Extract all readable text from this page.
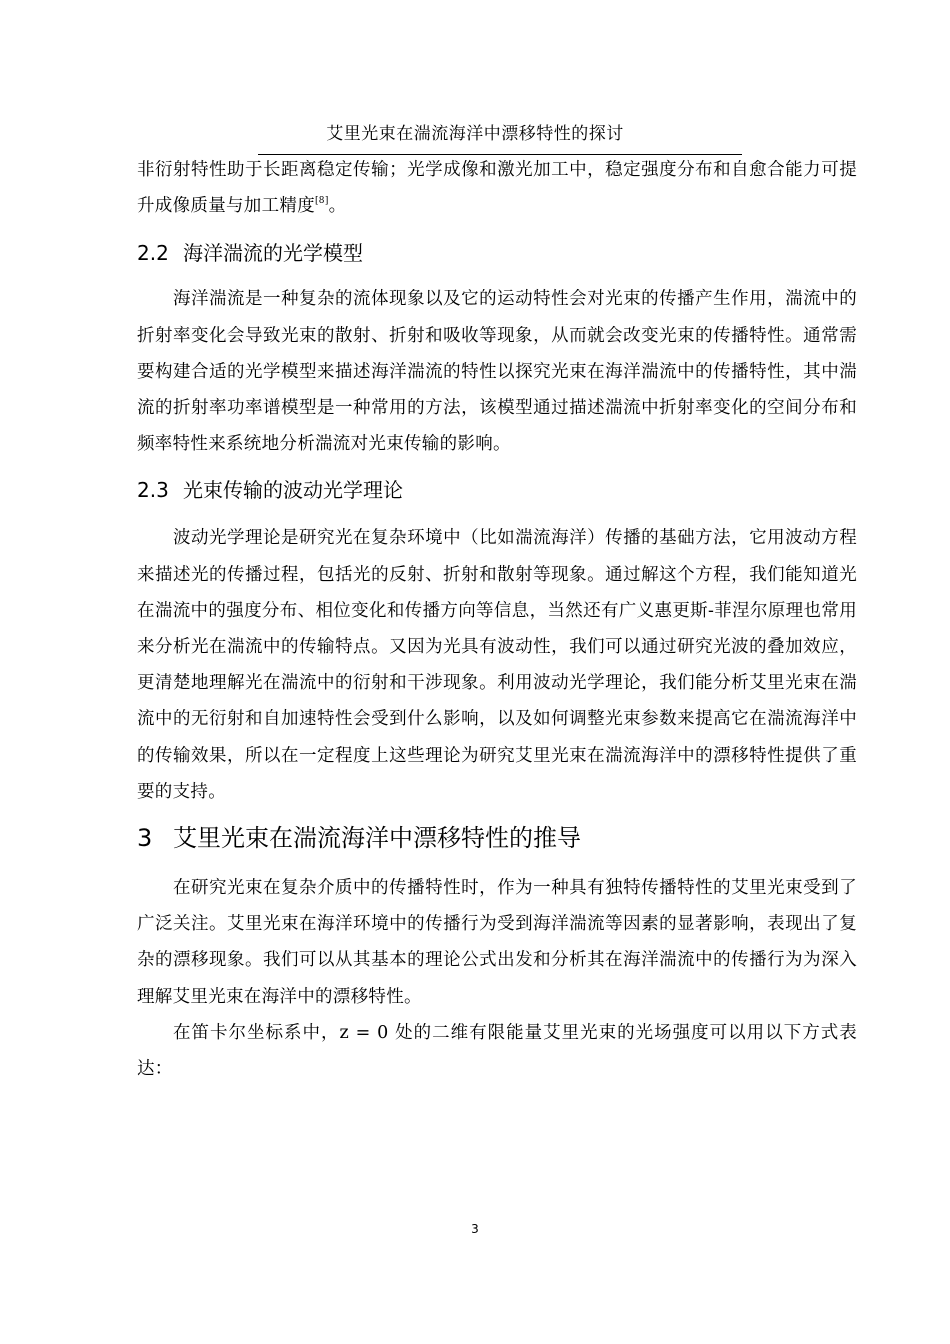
艾里光束在湍流海洋中漂移特性的探讨

非衍射特性助于长距离稳定传输；光学成像和激光加工中，稳定强度分布和自愈合能力可提升成像质量与加工精度[8]。

2.2 海洋湍流的光学模型

海洋湍流是一种复杂的流体现象以及它的运动特性会对光束的传播产生作用，湍流中的折射率变化会导致光束的散射、折射和吸收等现象，从而就会改变光束的传播特性。通常需要构建合适的光学模型来描述海洋湍流的特性以探究光束在海洋湍流中的传播特性，其中湍流的折射率功率谱模型是一种常用的方法，该模型通过描述湍流中折射率变化的空间分布和频率特性来系统地分析湍流对光束传输的影响。

2.3 光束传输的波动光学理论

波动光学理论是研究光在复杂环境中（比如湍流海洋）传播的基础方法，它用波动方程来描述光的传播过程，包括光的反射、折射和散射等现象。通过解这个方程，我们能知道光在湍流中的强度分布、相位变化和传播方向等信息，当然还有广义惠更斯-菲涅尔原理也常用来分析光在湍流中的传输特点。又因为光具有波动性，我们可以通过研究光波的叠加效应，更清楚地理解光在湍流中的衍射和干涉现象。利用波动光学理论，我们能分析艾里光束在湍流中的无衍射和自加速特性会受到什么影响，以及如何调整光束参数来提高它在湍流海洋中的传输效果，所以在一定程度上这些理论为研究艾里光束在湍流海洋中的漂移特性提供了重要的支持。

3 艾里光束在湍流海洋中漂移特性的推导

在研究光束在复杂介质中的传播特性时，作为一种具有独特传播特性的艾里光束受到了广泛关注。艾里光束在海洋环境中的传播行为受到海洋湍流等因素的显著影响，表现出了复杂的漂移现象。我们可以从其基本的理论公式出发和分析其在海洋湍流中的传播行为为深入理解艾里光束在海洋中的漂移特性。

在笛卡尔坐标系中，z = 0 处的二维有限能量艾里光束的光场强度可以用以下方式表达：

3
